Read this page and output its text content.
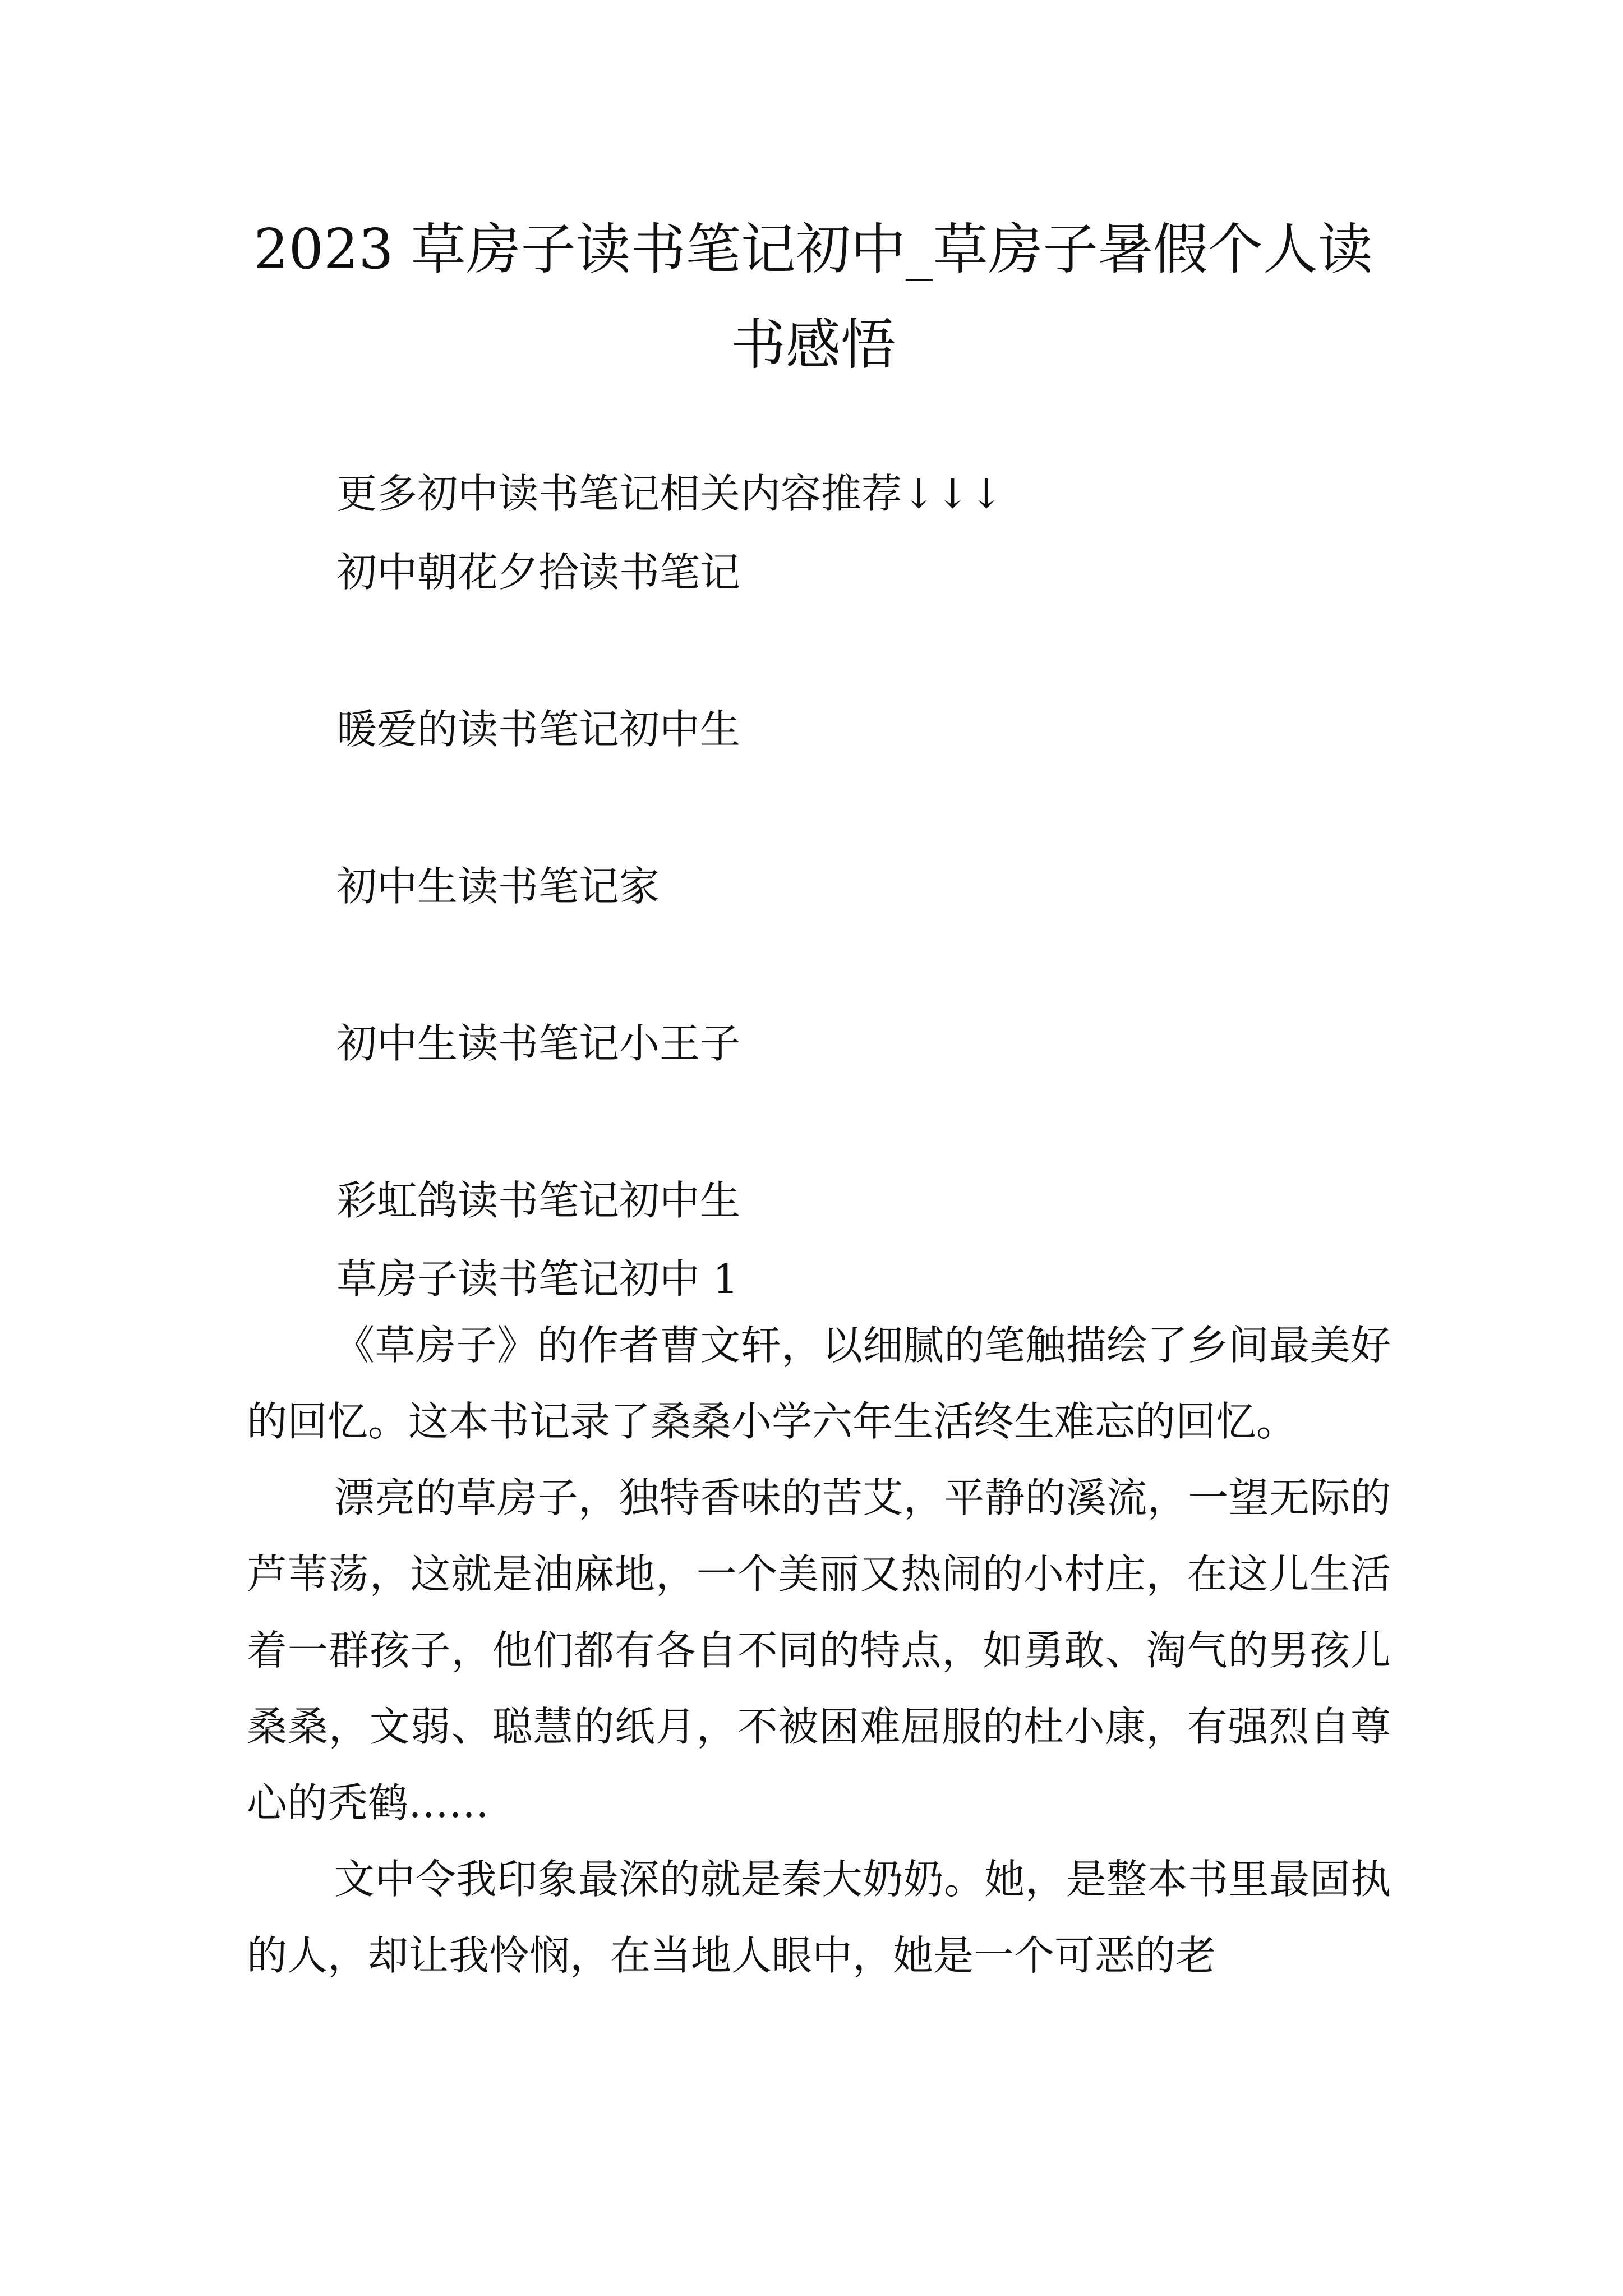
2023 草房子读书笔记初中_草房子暑假个人读书感悟
更多初中读书笔记相关内容推荐↓↓↓
初中朝花夕拾读书笔记
暖爱的读书笔记初中生
初中生读书笔记家
初中生读书笔记小王子
彩虹鸽读书笔记初中生
草房子读书笔记初中 1

《草房子》的作者曹文轩，以细腻的笔触描绘了乡间最美好的回忆。这本书记录了桑桑小学六年生活终生难忘的回忆。

漂亮的草房子，独特香味的苦艾，平静的溪流，一望无际的芦苇荡，这就是油麻地，一个美丽又热闹的小村庄，在这儿生活着一群孩子，他们都有各自不同的特点，如勇敢、淘气的男孩儿桑桑，文弱、聪慧的纸月，不被困难屈服的杜小康，有强烈自尊心的秃鹤……

文中令我印象最深的就是秦大奶奶。她，是整本书里最固执的人，却让我怜悯，在当地人眼中，她是一个可恶的老
